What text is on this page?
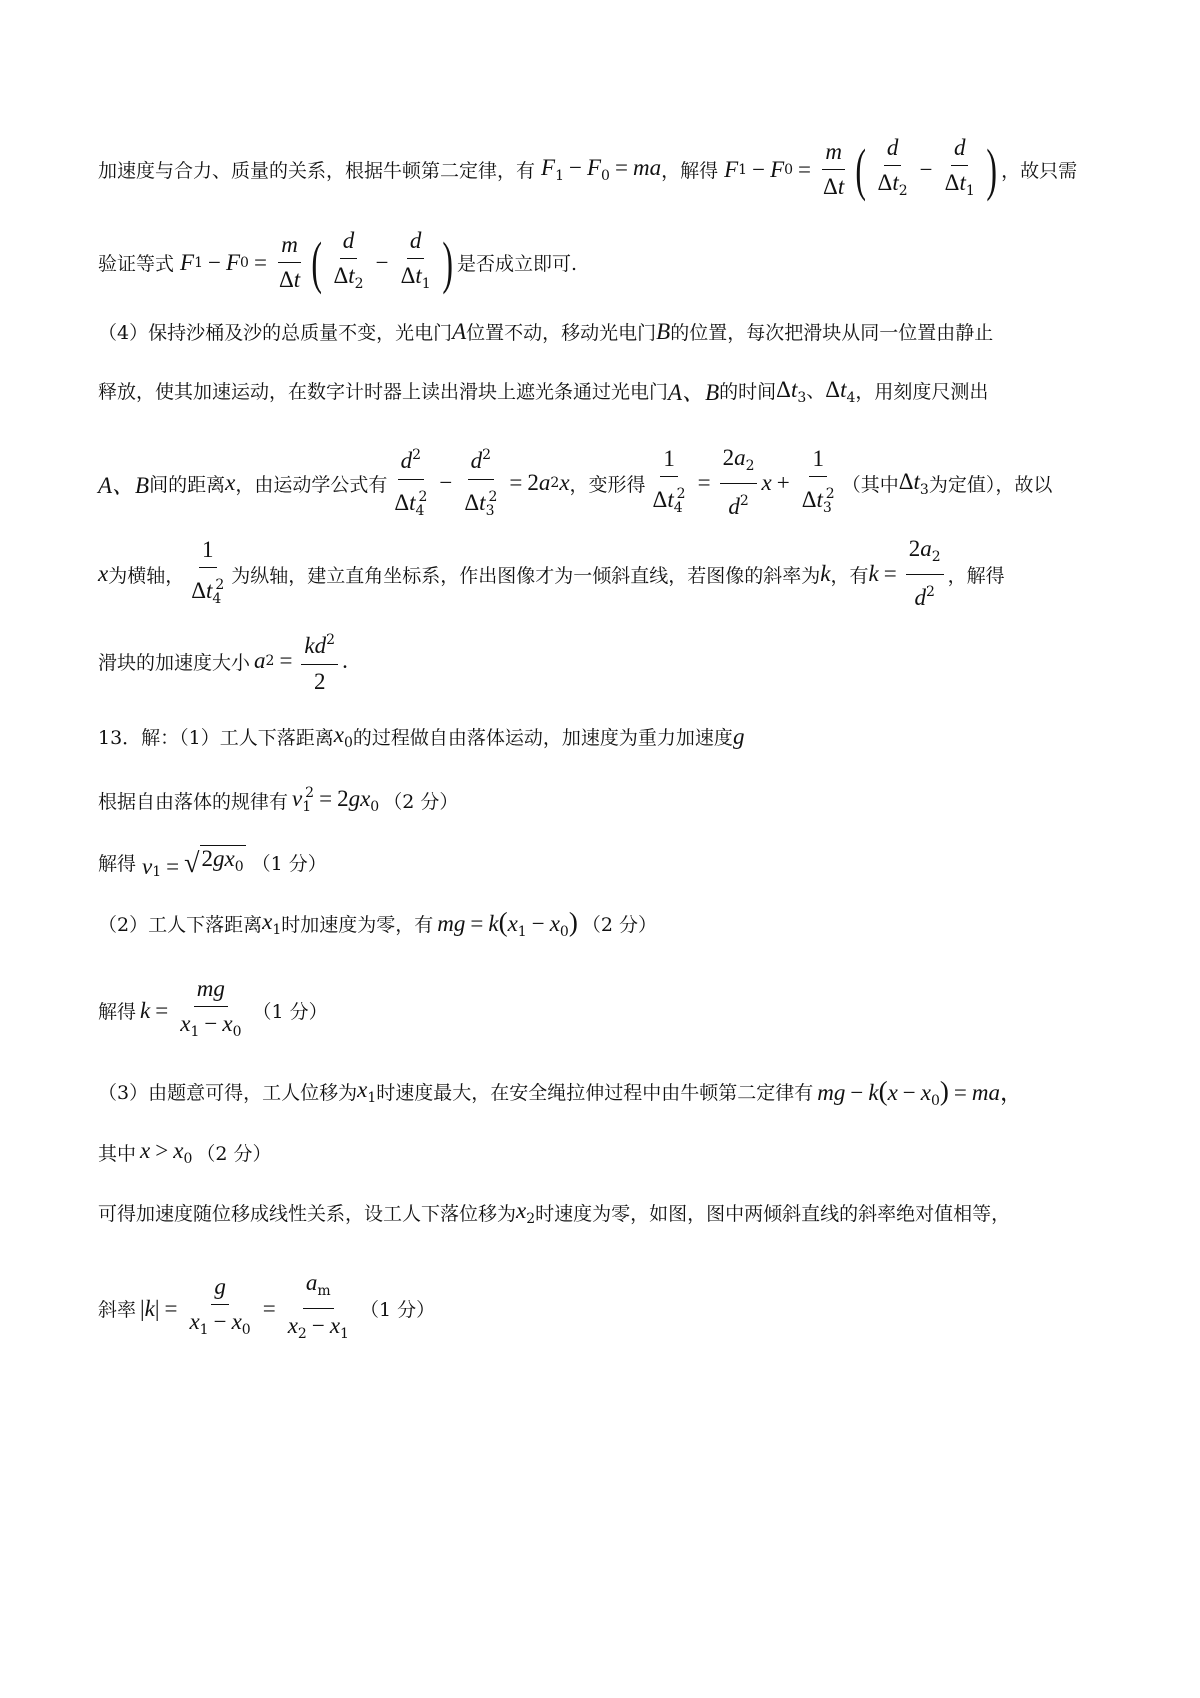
加速度与合力、质量的关系，根据牛顿第二定律，有 $F_1 - F_0$ = ma ，解得 F 1 − F $0 = \frac{m}{\Delta t}$ ( $\frac{d}{\Delta t_2} - \frac{d}{\Delta t_1}$ ) ，故只需
验证等式 F 1 − F $0 = \frac{m}{\Delta t}$ ( $\frac{d}{\Delta t_2} - \frac{d}{\Delta t_1}$ ) 是否成立即可.
（4）保持沙桶及沙的总质量不变，光电门 A 位置不动，移动光电门 B 的位置，每次把滑块从同一位置由静止
释放，使其加速运动，在数字计时器上读出滑块上遮光条通过光电门 A、B 的时间 $\Delta t_3$、$\Delta t_4$ ，用刻度尺测出
A、B 间的距离 x ，由运动学公式有 $\frac{d^2}{\Delta t_4^2} - \frac{d^2}{\Delta t_3^2} = 2$ a 2 x ，变形得 $\frac{1}{\Delta t_4^2} = \frac{2a_2}{d^2}$ $x + \frac{1}{\Delta t_3^2}$ （其中 $\Delta t_3$ 为定值），故以
x 为横轴， $\frac{1}{\Delta t_4^2}$ 为纵轴，建立直角坐标系，作出图像才为一倾斜直线，若图像的斜率为 k ，有 $k = \frac{2a_2}{d^2}$ ，解得
滑块的加速度大小 a $2 = \frac{kd^2}{2}$ .
13．解：（1）工人下落距离 $x_0$ 的过程做自由落体运动，加速度为重力加速度 g
根据自由落体的规律有 $v_1^2 = 2gx_0$ （2 分）
解得 $v_1$ = √ $2gx_0$ （1 分）
（2）工人下落距离 $x_1$ 时加速度为零，有 mg = $k(x_1 - x_0)$ （2 分）
解得 $k = \frac{mg}{x_1 - x_0} (1$ 分）
（3）由题意可得，工人位移为 $x_1$ 时速度最大，在安全绳拉伸过程中由牛顿第二定律有 mg − $k(x - x_0)$ = ma，
其中 $x > x_0$ （2 分）
可得加速度随位移成线性关系，设工人下落位移为 $x_2$ 时速度为零，如图，图中两倾斜直线的斜率绝对值相等，
斜率 | k | = $\frac{g}{x_1 - x_0} = \frac{a_m}{x_2 - x_1} (1$ 分）
